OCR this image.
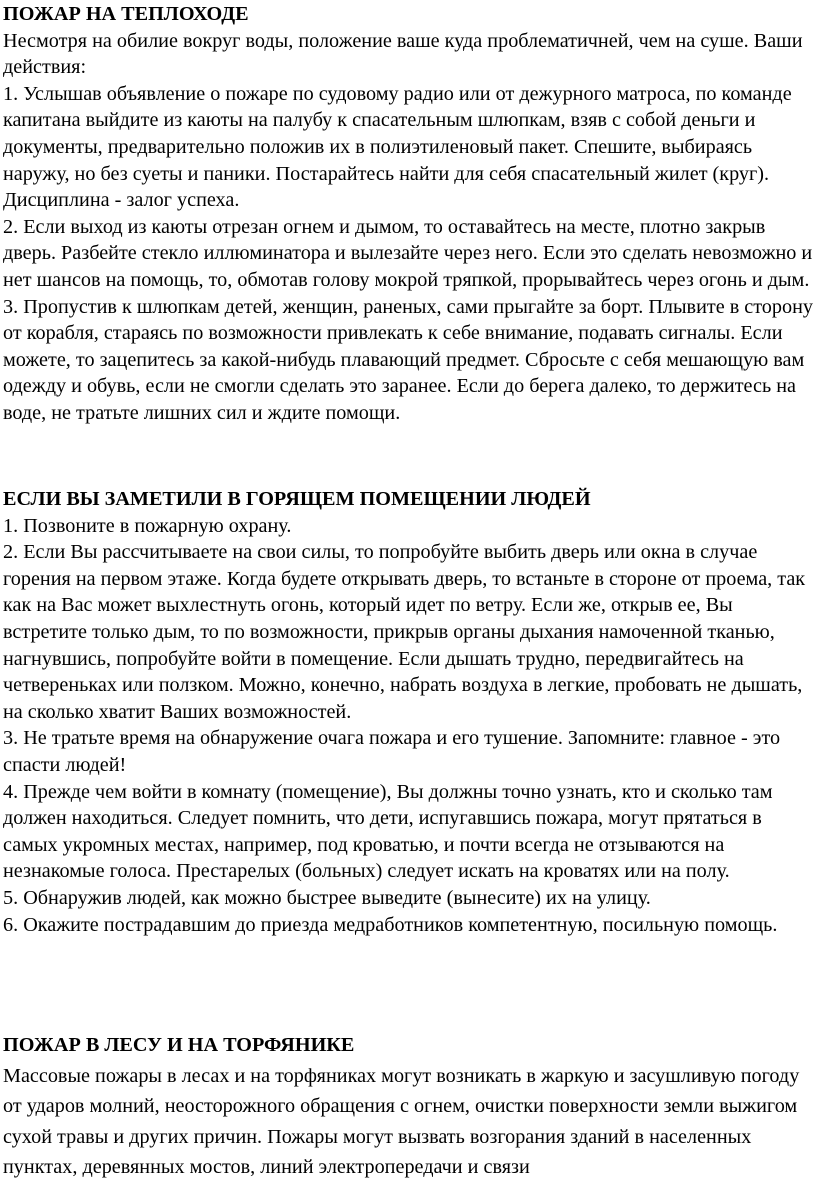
ПОЖАР НА ТЕПЛОХОДЕ
Несмотря на обилие вокруг воды, положение ваше куда проблематичней, чем на суше. Ваши действия:
1. Услышав объявление о пожаре по судовому радио или от дежурного матроса, по команде капитана выйдите из каюты на палубу к спасательным шлюпкам, взяв с собой деньги и документы, предварительно положив их в полиэтиленовый пакет. Спешите, выбираясь наружу, но без суеты и паники. Постарайтесь найти для себя спасательный жилет (круг). Дисциплина - залог успеха.
2. Если выход из каюты отрезан огнем и дымом, то оставайтесь на месте, плотно закрыв дверь. Разбейте стекло иллюминатора и вылезайте через него. Если это сделать невозможно и нет шансов на помощь, то, обмотав голову мокрой тряпкой, прорывайтесь через огонь и дым.
3. Пропустив к шлюпкам детей, женщин, раненых, сами прыгайте за борт. Плывите в сторону от корабля, стараясь по возможности привлекать к себе внимание, подавать сигналы. Если можете, то зацепитесь за какой-нибудь плавающий предмет. Сбросьте с себя мешающую вам одежду и обувь, если не смогли сделать это заранее. Если до берега далеко, то держитесь на воде, не тратьте лишних сил и ждите помощи.
ЕСЛИ ВЫ ЗАМЕТИЛИ В ГОРЯЩЕМ ПОМЕЩЕНИИ ЛЮДЕЙ
1. Позвоните в пожарную охрану.
2. Если Вы рассчитываете на свои силы, то попробуйте выбить дверь или окна в случае горения на первом этаже. Когда будете открывать дверь, то встаньте в стороне от проема, так как на Вас может выхлестнуть огонь, который идет по ветру. Если же, открыв ее, Вы встретите только дым, то по возможности, прикрыв органы дыхания намоченной тканью, нагнувшись, попробуйте войти в помещение. Если дышать трудно, передвигайтесь на четвереньках или ползком. Можно, конечно, набрать воздуха в легкие, пробовать не дышать, на сколько хватит Ваших возможностей.
3. Не тратьте время на обнаружение очага пожара и его тушение. Запомните: главное - это спасти людей!
4. Прежде чем войти в комнату (помещение), Вы должны точно узнать, кто и сколько там должен находиться. Следует помнить, что дети, испугавшись пожара, могут прятаться в самых укромных местах, например, под кроватью, и почти всегда не отзываются на незнакомые голоса. Престарелых (больных) следует искать на кроватях или на полу.
5. Обнаружив людей, как можно быстрее выведите (вынесите) их на улицу.
6. Окажите пострадавшим до приезда медработников компетентную, посильную помощь.
ПОЖАР В ЛЕСУ И НА ТОРФЯНИКЕ
Массовые пожары в лесах и на торфяниках могут возникать в жаркую и засушливую погоду от ударов молний, неосторожного обращения с огнем, очистки поверхности земли выжигом сухой травы и других причин. Пожары могут вызвать возгорания зданий в населенных пунктах, деревянных мостов, линий электропередачи и связи
